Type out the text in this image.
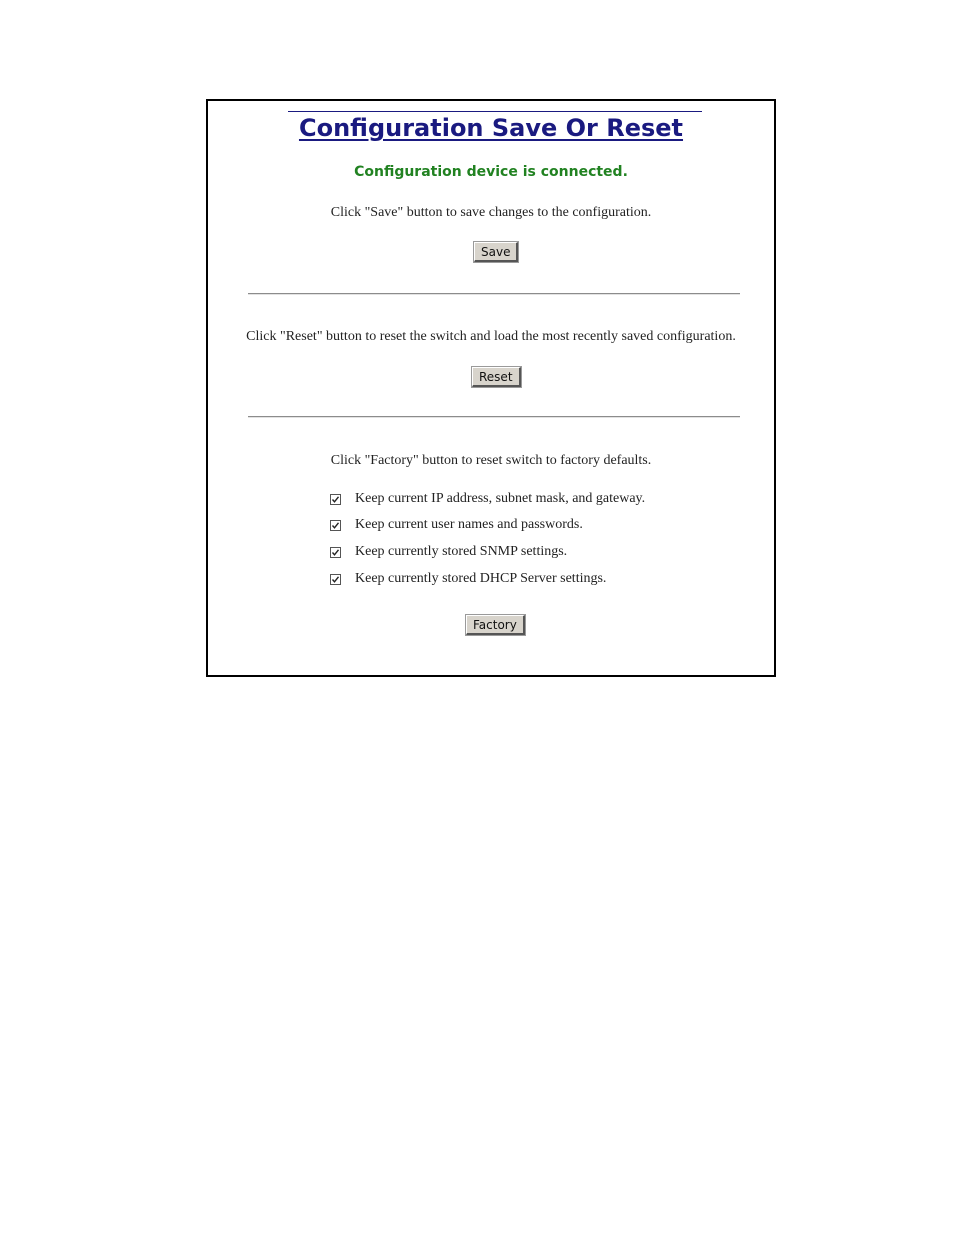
Configuration Save Or Reset
Configuration device is connected.
Click "Save" button to save changes to the configuration.
Save
Click "Reset" button to reset the switch and load the most recently saved configuration.
Reset
Click "Factory" button to reset switch to factory defaults.
Keep current IP address, subnet mask, and gateway.
Keep current user names and passwords.
Keep currently stored SNMP settings.
Keep currently stored DHCP Server settings.
Factory
